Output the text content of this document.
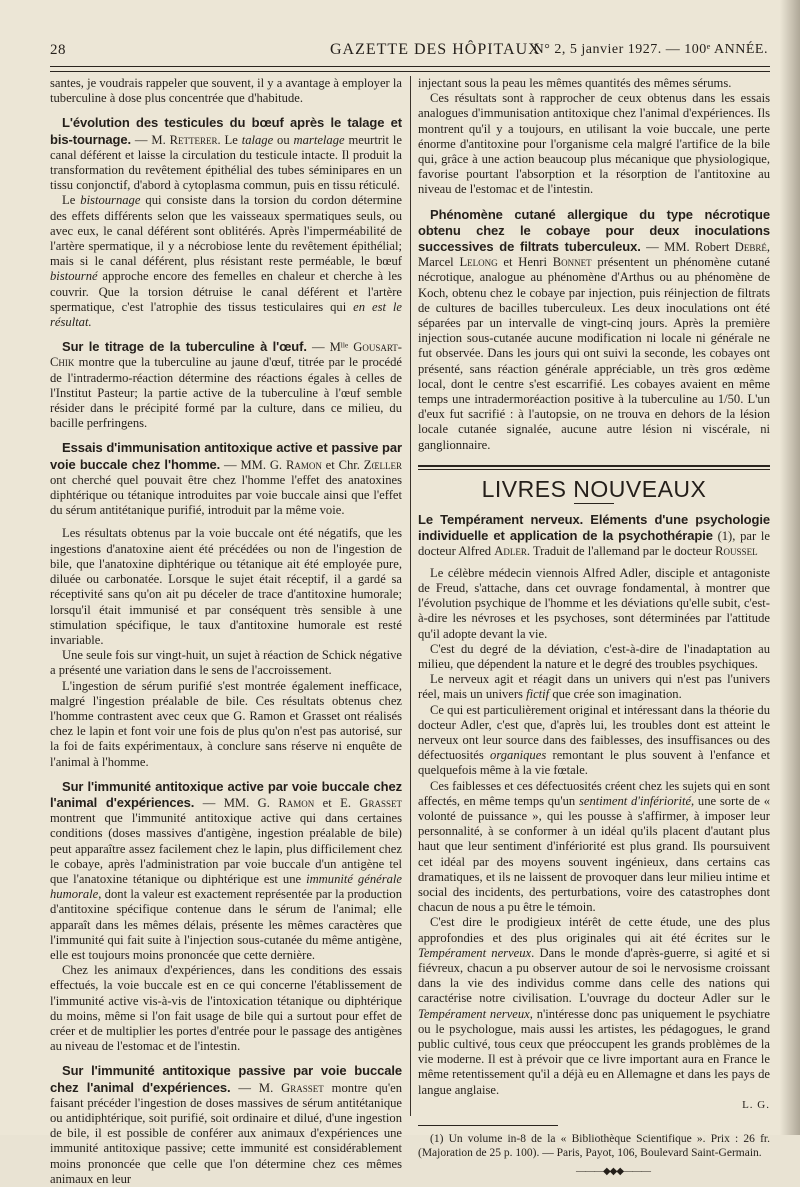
28	GAZETTE DES HÔPITAUX
N° 2, 5 janvier 1927. — 100ᵉ ANNÉE.

santes, je voudrais rappeler que souvent, il y a avantage à employer la tuberculine à dose plus concentrée que d'habitude.

L'évolution des testicules du bœuf après le talage et bis-tournage. — M. Retterer. Le talage ou martelage meurtrit le canal déférent et laisse la circulation du testicule intacte. Il produit la transformation du revêtement épithélial des tubes séminipares en un tissu conjonctif, d'abord à cytoplasma commun, puis en tissu réticulé.

Le bistournage qui consiste dans la torsion du cordon détermine des effets différents selon que les vaisseaux spermatiques seuls, ou avec eux, le canal déférent sont oblitérés. Après l'imperméabilité de l'artère spermatique, il y a nécrobiose lente du revêtement épithélial; mais si le canal déférent, plus résistant reste perméable, le bœuf bistourné approche encore des femelles en chaleur et cherche à les couvrir. Que la torsion détruise le canal déférent et l'artère spermatique, c'est l'atrophie des tissus testiculaires qui en est le résultat.

Sur le titrage de la tuberculine à l'œuf. — Mˡˡᵉ Gousart-Chik montre que la tuberculine au jaune d'œuf, titrée par le procédé de l'intradermo-réaction détermine des réactions égales à celles de l'Institut Pasteur; la partie active de la tuberculine à l'œuf semble résider dans le précipité formé par la culture, dans ce milieu, du bacille perfringens.

Essais d'immunisation antitoxique active et passive par voie buccale chez l'homme. — MM. G. Ramon et Chr. Zœller ont cherché quel pouvait être chez l'homme l'effet des anatoxines diphtérique ou tétanique introduites par voie buccale ainsi que l'effet du sérum antitétanique purifié, introduit par la même voie.

Les résultats obtenus par la voie buccale ont été négatifs, que les ingestions d'anatoxine aient été précédées ou non de l'ingestion de bile, que l'anatoxine diphtérique ou tétanique ait été employée pure, diluée ou carbonatée. Lorsque le sujet était réceptif, il a gardé sa réceptivité sans qu'on ait pu déceler de trace d'antitoxine humorale; lorsqu'il était immunisé et par conséquent très sensible à une stimulation spécifique, le taux d'antitoxine humorale est resté invariable.

Une seule fois sur vingt-huit, un sujet à réaction de Schick négative a présenté une variation dans le sens de l'accroissement.

L'ingestion de sérum purifié s'est montrée également inefficace, malgré l'ingestion préalable de bile. Ces résultats obtenus chez l'homme contrastent avec ceux que G. Ramon et Grasset ont réalisés chez le lapin et font voir une fois de plus qu'on n'est pas autorisé, sur la foi de faits expérimentaux, à conclure sans réserve ni enquête de l'animal à l'homme.

Sur l'immunité antitoxique active par voie buccale chez l'animal d'expériences. — MM. G. Ramon et E. Grasset montrent que l'immunité antitoxique active qui dans certaines conditions (doses massives d'antigène, ingestion préalable de bile) peut apparaître assez facilement chez le lapin, plus difficilement chez le cobaye, après l'administration par voie buccale d'un antigène tel que l'anatoxine tétanique ou diphtérique est une immunité générale humorale, dont la valeur est exactement représentée par la production d'antitoxine spécifique contenue dans le sérum de l'animal; elle apparaît dans les mêmes délais, présente les mêmes caractères que l'immunité qui fait suite à l'injection sous-cutanée du même antigène, elle est toujours moins prononcée que cette dernière.

Chez les animaux d'expériences, dans les conditions des essais effectués, la voie buccale est en ce qui concerne l'établissement de l'immunité active vis-à-vis de l'intoxication tétanique ou diphtérique du moins, même si l'on fait usage de bile qui a surtout pour effet de créer et de multiplier les portes d'entrée pour le passage des antigènes au niveau de l'estomac et de l'intestin.

Sur l'immunité antitoxique passive par voie buccale chez l'animal d'expériences. — M. Grasset montre qu'en faisant précéder l'ingestion de doses massives de sérum antitétanique ou antidiphtérique, soit purifié, soit ordinaire et dilué, d'une ingestion de bile, il est possible de conférer aux animaux d'expériences une immunité antitoxique passive; cette immunité est considérablement moins prononcée que celle que l'on détermine chez ces mêmes animaux en leur

injectant sous la peau les mêmes quantités des mêmes sérums.

Ces résultats sont à rapprocher de ceux obtenus dans les essais analogues d'immunisation antitoxique chez l'animal d'expériences. Ils montrent qu'il y a toujours, en utilisant la voie buccale, une perte énorme d'antitoxine pour l'organisme cela malgré l'artifice de la bile qui, grâce à une action beaucoup plus mécanique que physiologique, favorise pourtant l'absorption et la résorption de l'antitoxine au niveau de l'estomac et de l'intestin.

Phénomène cutané allergique du type nécrotique obtenu chez le cobaye pour deux inoculations successives de filtrats tuberculeux. — MM. Robert Debré, Marcel Lelong et Henri Bonnet présentent un phénomène cutané nécrotique, analogue au phénomène d'Arthus ou au phénomène de Koch, obtenu chez le cobaye par injection, puis réinjection de filtrats de cultures de bacilles tuberculeux. Les deux inoculations ont été séparées par un intervalle de vingt-cinq jours. Après la première injection sous-cutanée aucune modification ni locale ni générale ne fut observée. Dans les jours qui ont suivi la seconde, les cobayes ont présenté, sans réaction générale appréciable, un très gros œdème local, dont le centre s'est escarrifié. Les cobayes avaient en même temps une intradermoréaction positive à la tuberculine au 1/50. L'un d'eux fut sacrifié : à l'autopsie, on ne trouva en dehors de la lésion locale cutanée signalée, aucune autre lésion ni viscérale, ni ganglionnaire.

LIVRES NOUVEAUX

Le Tempérament nerveux. Eléments d'une psychologie individuelle et application de la psychothérapie (1), par le docteur Alfred Adler. Traduit de l'allemand par le docteur Roussel

Le célèbre médecin viennois Alfred Adler, disciple et antagoniste de Freud, s'attache, dans cet ouvrage fondamental, à montrer que l'évolution psychique de l'homme et les déviations qu'elle subit, c'est-à-dire les névroses et les psychoses, sont déterminées par l'attitude qu'il adopte devant la vie.

C'est du degré de la déviation, c'est-à-dire de l'inadaptation au milieu, que dépendent la nature et le degré des troubles psychiques.

Le nerveux agit et réagit dans un univers qui n'est pas l'univers réel, mais un univers fictif que crée son imagination.

Ce qui est particulièrement original et intéressant dans la théorie du docteur Adler, c'est que, d'après lui, les troubles dont est atteint le nerveux ont leur source dans des faiblesses, des insuffisances ou des défectuosités organiques remontant le plus souvent à l'enfance et quelquefois même à la vie fœtale.

Ces faiblesses et ces défectuosités créent chez les sujets qui en sont affectés, en même temps qu'un sentiment d'infériorité, une sorte de « volonté de puissance », qui les pousse à s'affirmer, à imposer leur personnalité, à se conformer à un idéal qu'ils placent d'autant plus haut que leur sentiment d'infériorité est plus grand. Ils poursuivent cet idéal par des moyens souvent ingénieux, dans certains cas dramatiques, et ils ne laissent de provoquer dans leur milieu intime et social des incidents, des perturbations, voire des catastrophes dont chacun de nous a pu être le témoin.

C'est dire le prodigieux intérêt de cette étude, une des plus approfondies et des plus originales qui ait été écrites sur le Tempérament nerveux. Dans le monde d'après-guerre, si agité et si fiévreux, chacun a pu observer autour de soi le nervosisme croissant dans la vie des individus comme dans celle des nations qui caractérise notre civilisation. L'ouvrage du docteur Adler sur le Tempérament nerveux, n'intéresse donc pas uniquement le psychiatre ou le psychologue, mais aussi les artistes, les pédagogues, le grand public cultivé, tous ceux que préoccupent les grands problèmes de la vie moderne. Il est à prévoir que ce livre important aura en France le même retentissement qu'il a déjà eu en Allemagne et dans les pays de langue anglaise.

L. G.

(1) Un volume in-8 de la « Bibliothèque Scientifique ». Prix : 26 fr. (Majoration de 25 p. 100). — Paris, Payot, 106, Boulevard Saint-Germain.

———◆◆◆———
